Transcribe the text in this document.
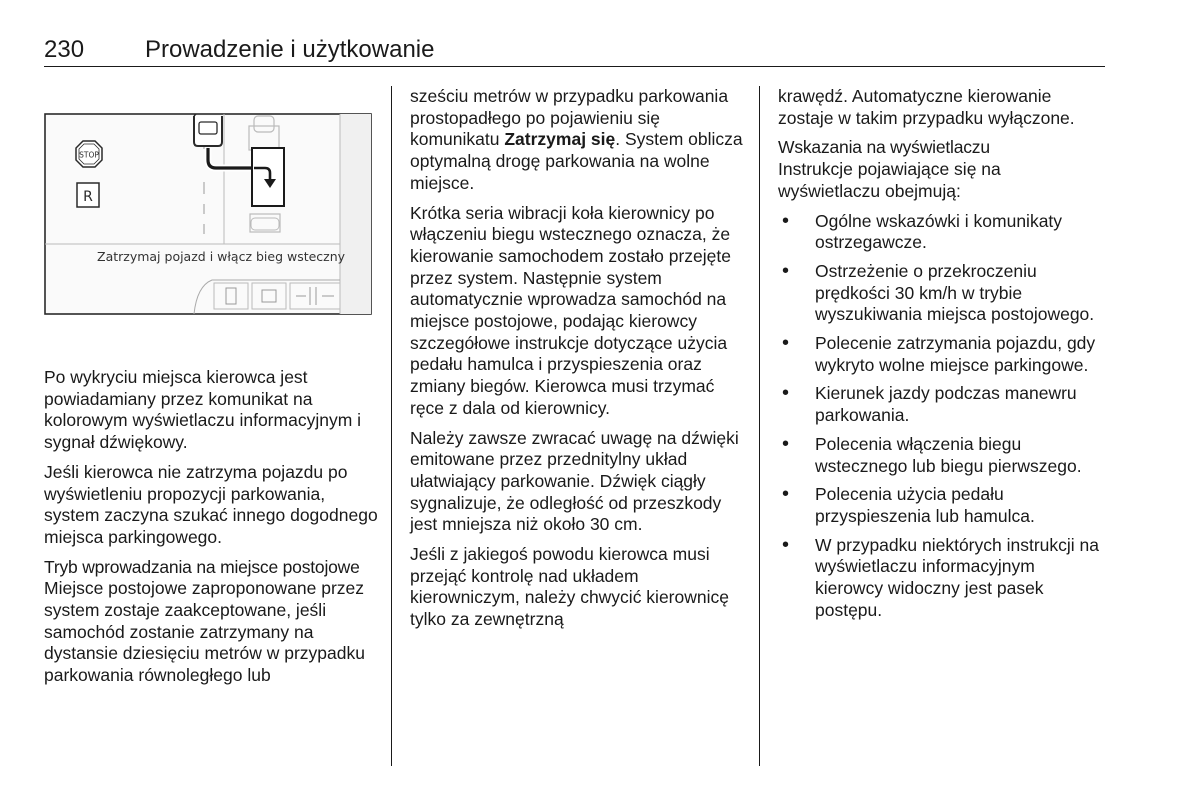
230	Prowadzenie i użytkowanie
STOP
R
Zatrzymaj pojazd i włącz bieg wsteczny

Po wykryciu miejsca kierowca jest powiadamiany przez komunikat na kolorowym wyświetlaczu informacyjnym i sygnał dźwiękowy.

Jeśli kierowca nie zatrzyma pojazdu po wyświetleniu propozycji parkowania, system zaczyna szukać innego dogodnego miejsca parkingowego.

Tryb wprowadzania na miejsce postojowe

Miejsce postojowe zaproponowane przez system zostaje zaakceptowane, jeśli samochód zostanie zatrzymany na dystansie dziesięciu metrów w przypadku parkowania równoległego lub

sześciu metrów w przypadku parkowania prostopadłego po pojawieniu się komunikatu Zatrzymaj się. System oblicza optymalną drogę parkowania na wolne miejsce.

Krótka seria wibracji koła kierownicy po włączeniu biegu wstecznego oznacza, że kierowanie samochodem zostało przejęte przez system. Następnie system automatycznie wprowadza samochód na miejsce postojowe, podając kierowcy szczegółowe instrukcje dotyczące użycia pedału hamulca i przyspieszenia oraz zmiany biegów. Kierowca musi trzymać ręce z dala od kierownicy.

Należy zawsze zwracać uwagę na dźwięki emitowane przez przednitylny układ ułatwiający parkowanie. Dźwięk ciągły sygnalizuje, że odległość od przeszkody jest mniejsza niż około 30 cm.

Jeśli z jakiegoś powodu kierowca musi przejąć kontrolę nad układem kierowniczym, należy chwycić kierownicę tylko za zewnętrzną

krawędź. Automatyczne kierowanie zostaje w takim przypadku wyłączone.

Wskazania na wyświetlaczu

Instrukcje pojawiające się na wyświetlaczu obejmują:

• Ogólne wskazówki i komunikaty ostrzegawcze.
• Ostrzeżenie o przekroczeniu prędkości 30 km/h w trybie wyszukiwania miejsca postojowego.
• Polecenie zatrzymania pojazdu, gdy wykryto wolne miejsce parkingowe.
• Kierunek jazdy podczas manewru parkowania.
• Polecenia włączenia biegu wstecznego lub biegu pierwszego.
• Polecenia użycia pedału przyspieszenia lub hamulca.
• W przypadku niektórych instrukcji na wyświetlaczu informacyjnym kierowcy widoczny jest pasek postępu.
